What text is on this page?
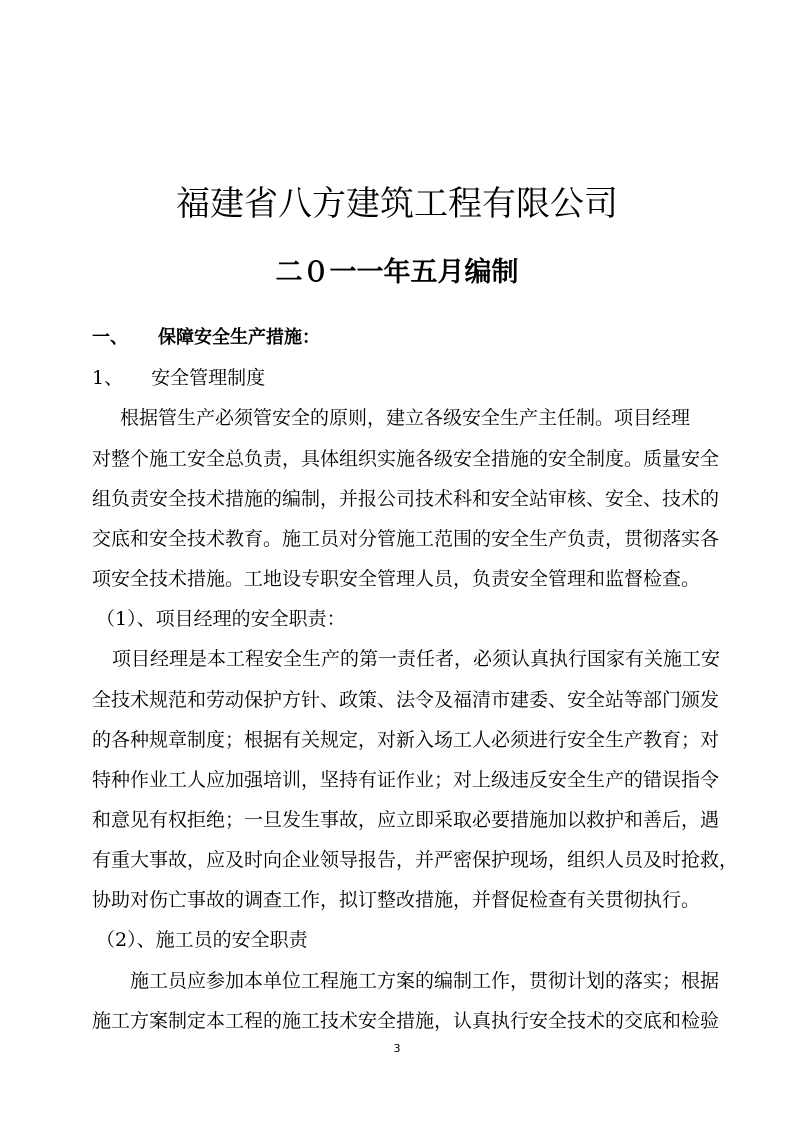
福建省八方建筑工程有限公司
二０一一年五月编制
一、 保障安全生产措施：
1、 安全管理制度
根据管生产必须管安全的原则，建立各级安全生产主任制。项目经理
对整个施工安全总负责，具体组织实施各级安全措施的安全制度。质量安全
组负责安全技术措施的编制，并报公司技术科和安全站审核、安全、技术的
交底和安全技术教育。施工员对分管施工范围的安全生产负责，贯彻落实各
项安全技术措施。工地设专职安全管理人员，负责安全管理和监督检查。
（1）、项目经理的安全职责：
项目经理是本工程安全生产的第一责任者，必须认真执行国家有关施工安
全技术规范和劳动保护方针、政策、法令及福清市建委、安全站等部门颁发
的各种规章制度；根据有关规定，对新入场工人必须进行安全生产教育；对
特种作业工人应加强培训，坚持有证作业；对上级违反安全生产的错误指令
和意见有权拒绝；一旦发生事故，应立即采取必要措施加以救护和善后，遇
有重大事故，应及时向企业领导报告，并严密保护现场，组织人员及时抢救，
协助对伤亡事故的调查工作，拟订整改措施，并督促检查有关贯彻执行。
（2）、施工员的安全职责
施工员应参加本单位工程施工方案的编制工作，贯彻计划的落实；根据
施工方案制定本工程的施工技术安全措施，认真执行安全技术的交底和检验
3
